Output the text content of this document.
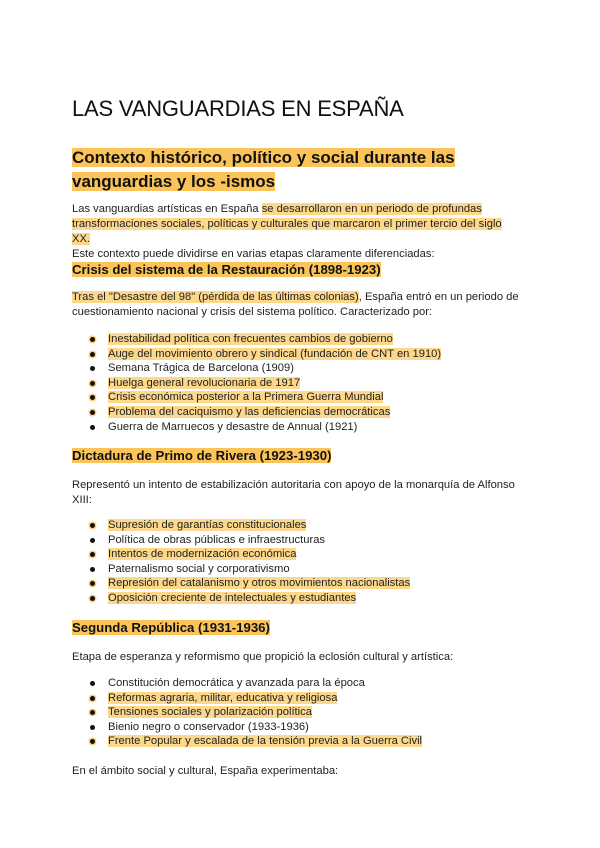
LAS VANGUARDIAS EN ESPAÑA
Contexto histórico, político y social durante las
vanguardias y los -ismos

Las vanguardias artísticas en España se desarrollaron en un periodo de profundas
transformaciones sociales, políticas y culturales que marcaron el primer tercio del siglo XX.
Este contexto puede dividirse en varias etapas claramente diferenciadas:

Crisis del sistema de la Restauración (1898-1923)

Tras el "Desastre del 98" (pérdida de las últimas colonias), España entró en un periodo de
cuestionamiento nacional y crisis del sistema político. Caracterizado por:

Inestabilidad política con frecuentes cambios de gobierno
Auge del movimiento obrero y sindical (fundación de CNT en 1910)
Semana Trágica de Barcelona (1909)
Huelga general revolucionaria de 1917
Crisis económica posterior a la Primera Guerra Mundial
Problema del caciquismo y las deficiencias democráticas
Guerra de Marruecos y desastre de Annual (1921)
Dictadura de Primo de Rivera (1923-1930)

Representó un intento de estabilización autoritaria con apoyo de la monarquía de Alfonso
XIII:

Supresión de garantías constitucionales
Política de obras públicas e infraestructuras
Intentos de modernización económica
Paternalismo social y corporativismo
Represión del catalanismo y otros movimientos nacionalistas
Oposición creciente de intelectuales y estudiantes
Segunda República (1931-1936)

Etapa de esperanza y reformismo que propició la eclosión cultural y artística:

Constitución democrática y avanzada para la época
Reformas agraria, militar, educativa y religiosa
Tensiones sociales y polarización política
Bienio negro o conservador (1933-1936)
Frente Popular y escalada de la tensión previa a la Guerra Civil

En el ámbito social y cultural, España experimentaba:
